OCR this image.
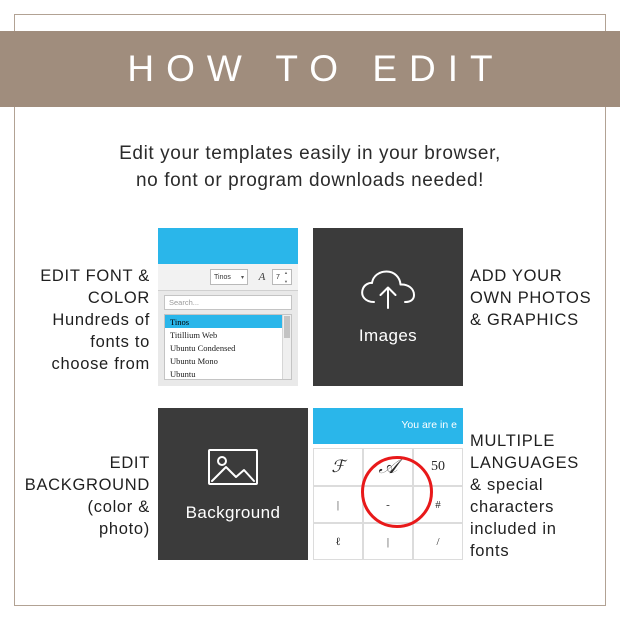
HOW TO EDIT
Edit your templates easily in your browser,
no font or program downloads needed!
EDIT FONT & COLOR
Hundreds of
fonts to
choose from
Tinos ▾	A	7
▲
▼
Search...
Tinos
Titillium Web
Ubuntu Condensed
Ubuntu Mono
Ubuntu
Images
ADD YOUR
OWN PHOTOS
& GRAPHICS
EDIT
BACKGROUND
(color &
photo)
Background
You are in e
ℱ	𝒜	50
|	-	#
ℓ	|	/
MULTIPLE
LANGUAGES
& special
characters
included in
fonts
